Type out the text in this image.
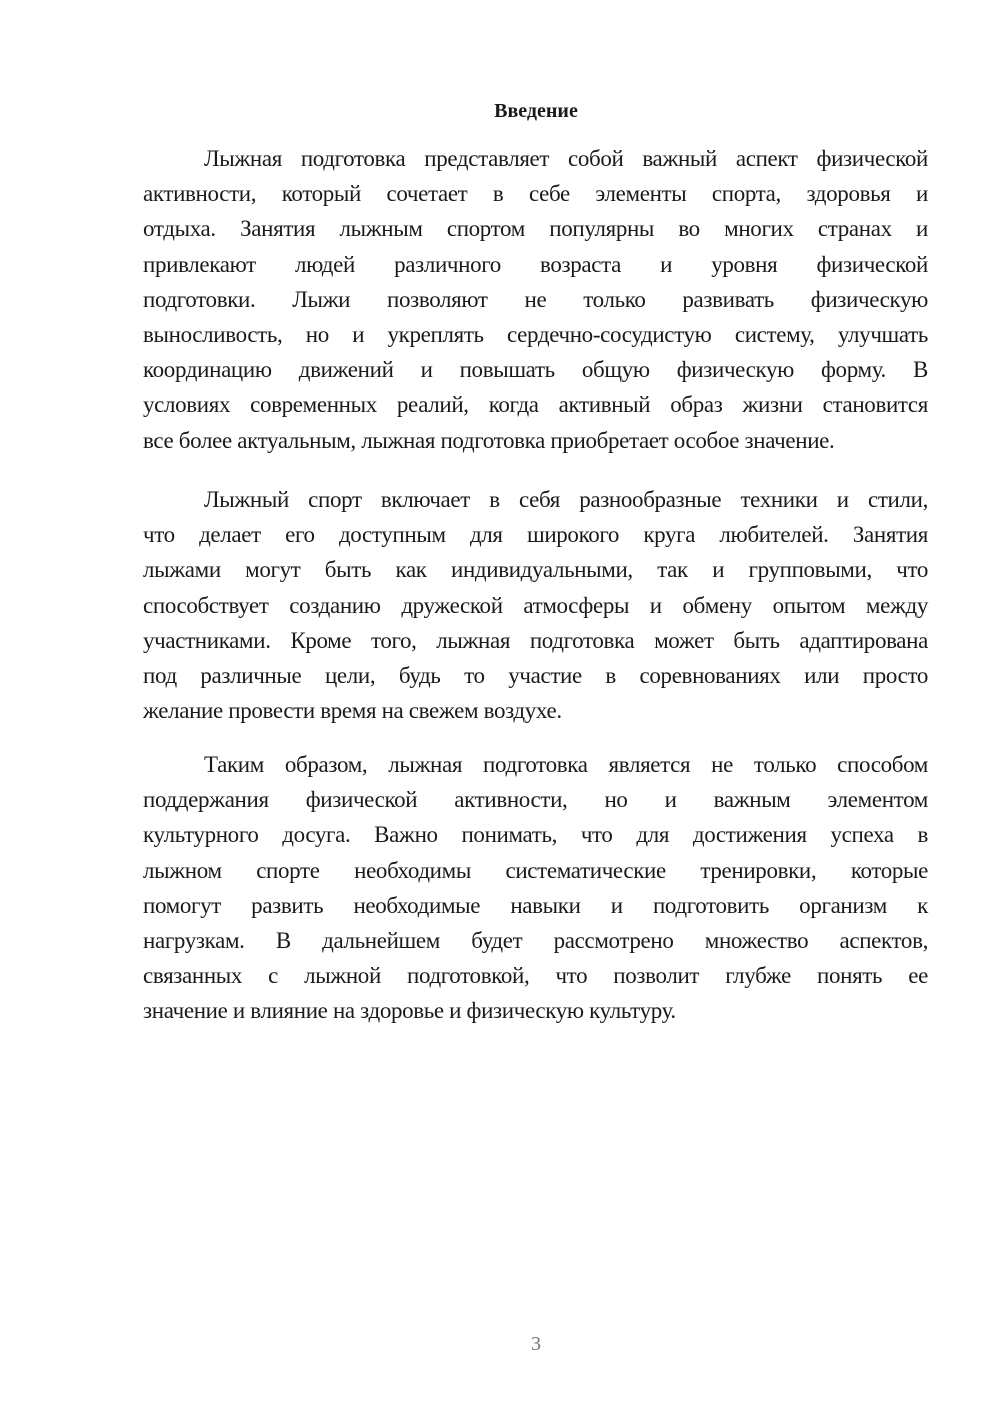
Введение
Лыжная подготовка представляет собой важный аспект физической
активности, который сочетает в себе элементы спорта, здоровья и
отдыха. Занятия лыжным спортом популярны во многих странах и
привлекают людей различного возраста и уровня физической
подготовки. Лыжи позволяют не только развивать физическую
выносливость, но и укреплять сердечно-сосудистую систему, улучшать
координацию движений и повышать общую физическую форму. В
условиях современных реалий, когда активный образ жизни становится
все более актуальным, лыжная подготовка приобретает особое значение.
Лыжный спорт включает в себя разнообразные техники и стили,
что делает его доступным для широкого круга любителей. Занятия
лыжами могут быть как индивидуальными, так и групповыми, что
способствует созданию дружеской атмосферы и обмену опытом между
участниками. Кроме того, лыжная подготовка может быть адаптирована
под различные цели, будь то участие в соревнованиях или просто
желание провести время на свежем воздухе.
Таким образом, лыжная подготовка является не только способом
поддержания физической активности, но и важным элементом
культурного досуга. Важно понимать, что для достижения успеха в
лыжном спорте необходимы систематические тренировки, которые
помогут развить необходимые навыки и подготовить организм к
нагрузкам. В дальнейшем будет рассмотрено множество аспектов,
связанных с лыжной подготовкой, что позволит глубже понять ее
значение и влияние на здоровье и физическую культуру.
3
